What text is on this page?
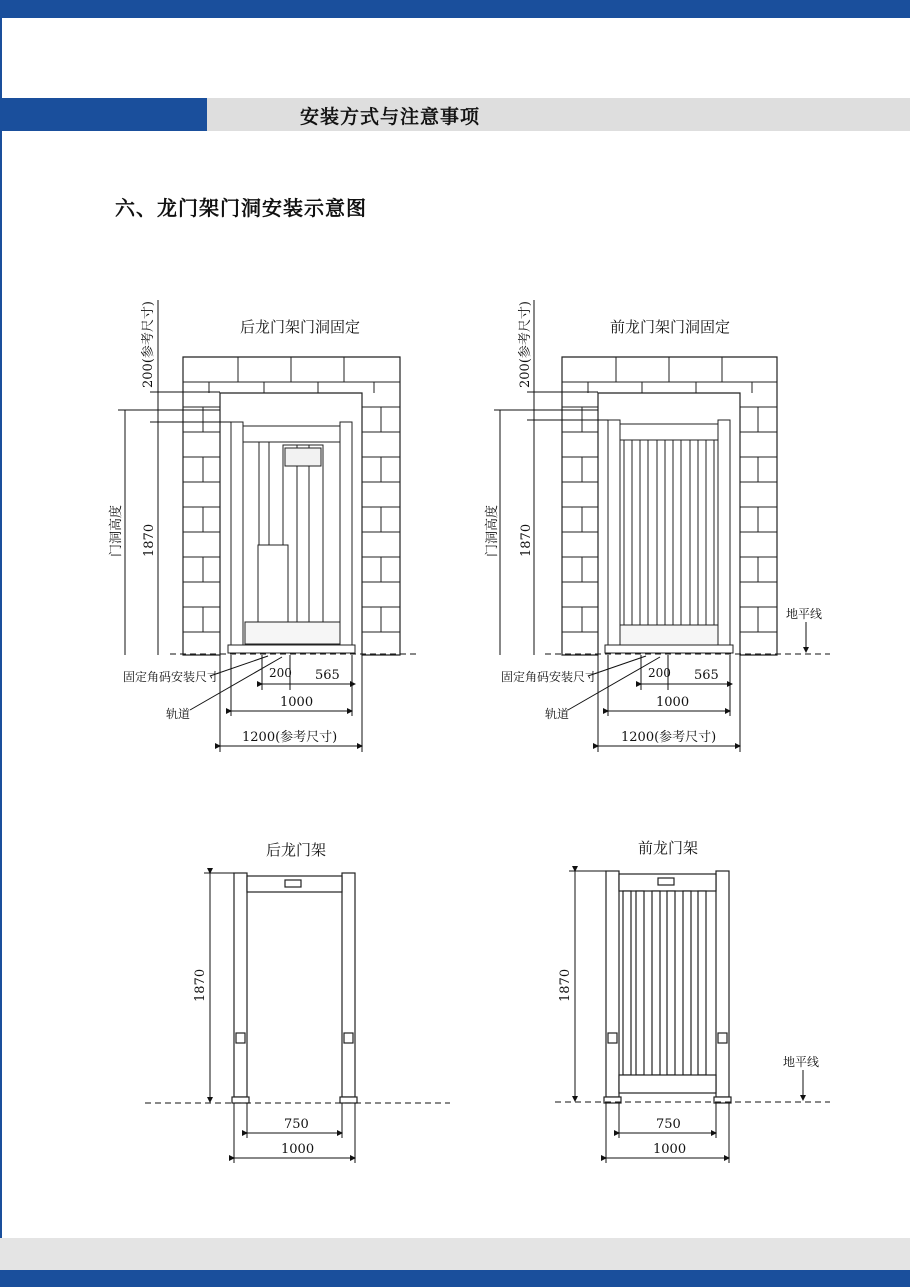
安装方式与注意事项
六、龙门架门洞安装示意图
200(参考尺寸)
1870
门洞高度
后龙门架门洞固定
200 565
1000
1200(参考尺寸)
固定角码安装尺寸
轨道
200(参考尺寸)
1870
门洞高度
前龙门架门洞固定
地平线
200 565
1000
1200(参考尺寸)
固定角码安装尺寸
轨道
后龙门架
1870
750
1000
前龙门架
1870
地平线
750
1000
